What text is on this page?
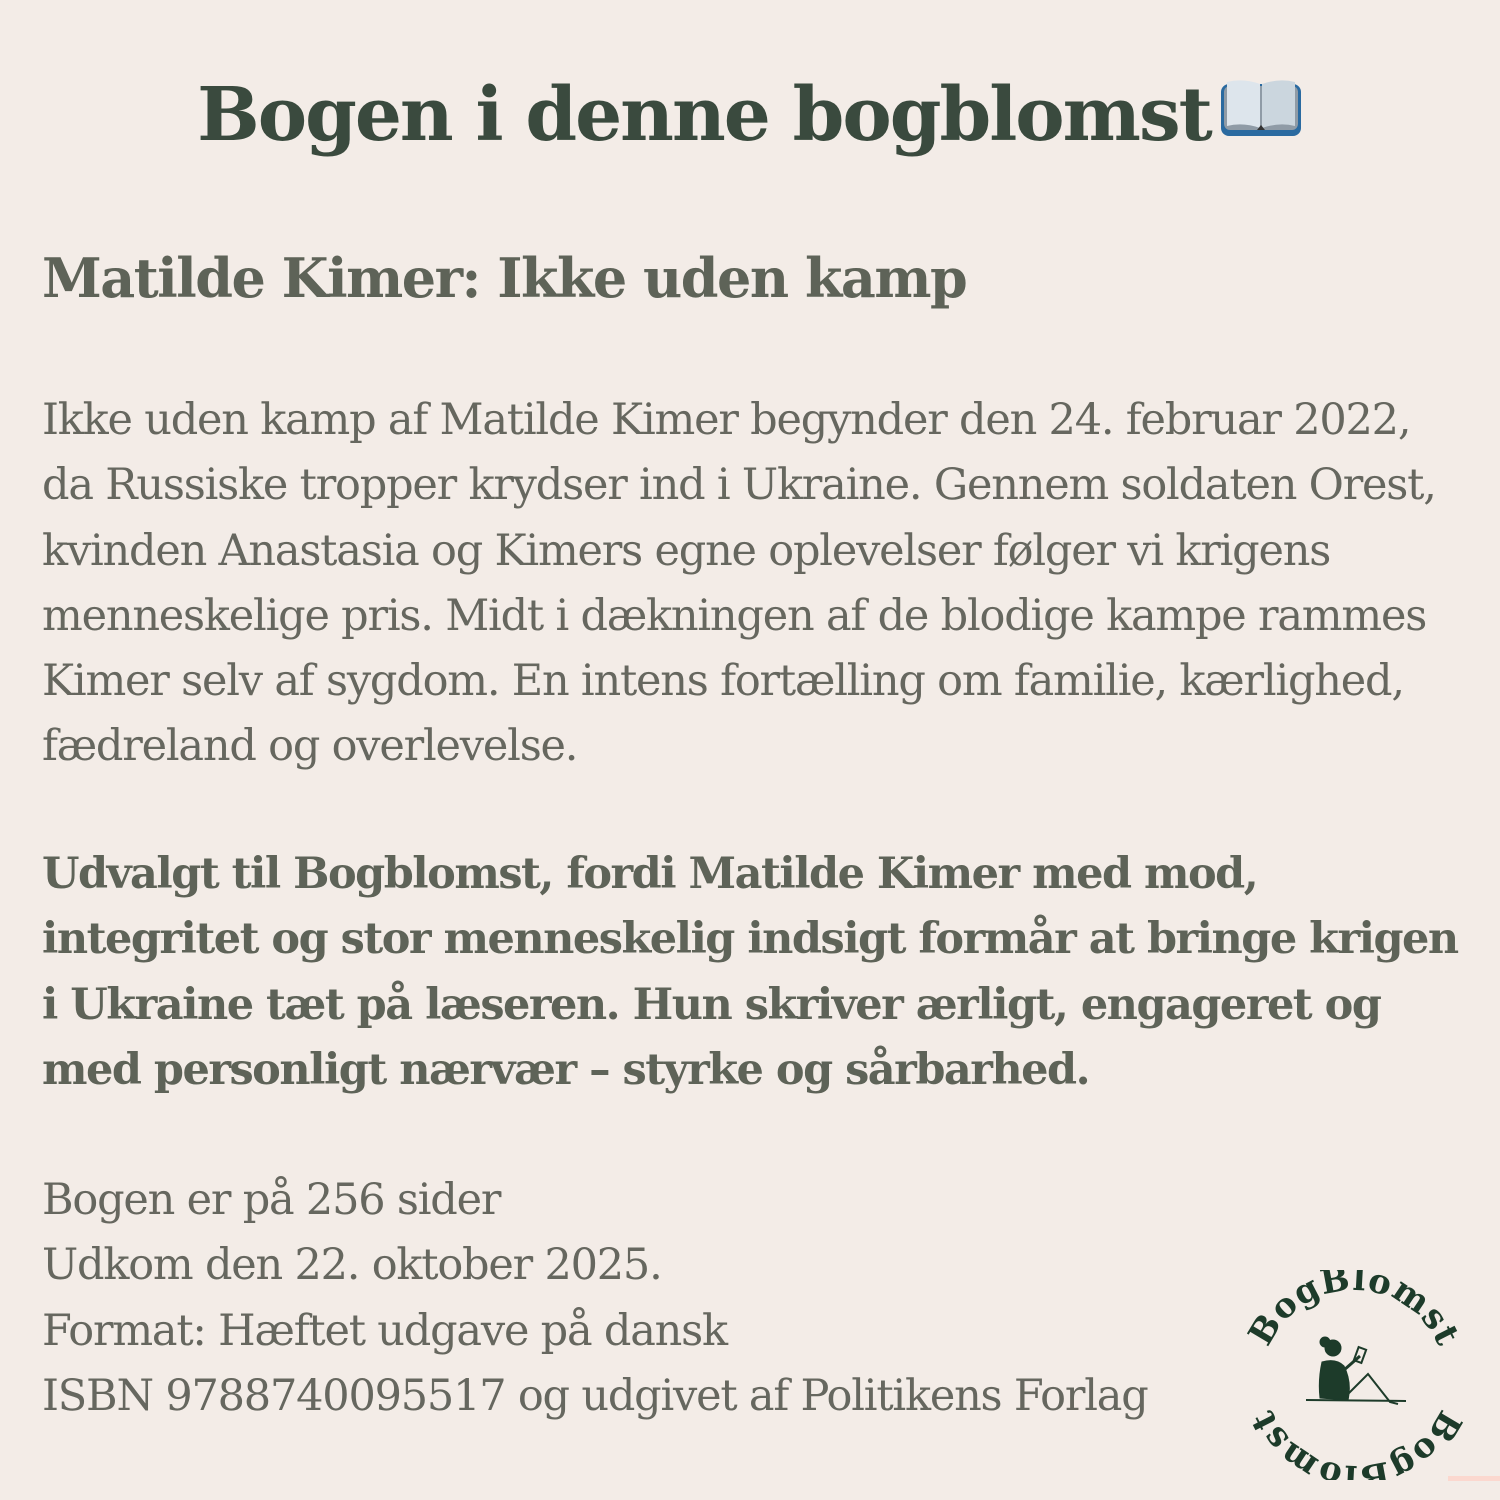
Bogen i denne bogblomst
Matilde Kimer: Ikke uden kamp
Ikke uden kamp af Matilde Kimer begynder den 24. februar 2022, da Russiske tropper krydser ind i Ukraine. Gennem soldaten Orest, kvinden Anastasia og Kimers egne oplevelser følger vi krigens menneskelige pris. Midt i dækningen af de blodige kampe rammes Kimer selv af sygdom. En intens fortælling om familie, kærlighed, fædreland og overlevelse.
Udvalgt til Bogblomst, fordi Matilde Kimer med mod, integritet og stor menneskelig indsigt formår at bringe krigen i Ukraine tæt på læseren. Hun skriver ærligt, engageret og med personligt nærvær – styrke og sårbarhed.
Bogen er på 256 sider
Udkom den 22. oktober 2025.
Format: Hæftet udgave på dansk
ISBN 9788740095517 og udgivet af Politikens Forlag
BogBlomst
BogBlomst
